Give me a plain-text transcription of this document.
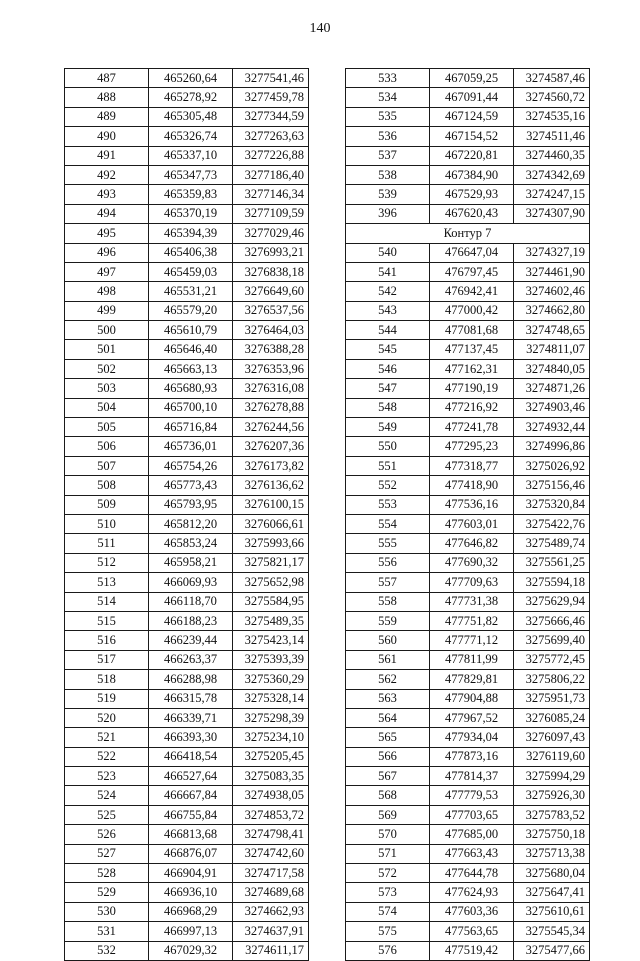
140
487	465260,64	3277541,46
488	465278,92	3277459,78
489	465305,48	3277344,59
490	465326,74	3277263,63
491	465337,10	3277226,88
492	465347,73	3277186,40
493	465359,83	3277146,34
494	465370,19	3277109,59
495	465394,39	3277029,46
496	465406,38	3276993,21
497	465459,03	3276838,18
498	465531,21	3276649,60
499	465579,20	3276537,56
500	465610,79	3276464,03
501	465646,40	3276388,28
502	465663,13	3276353,96
503	465680,93	3276316,08
504	465700,10	3276278,88
505	465716,84	3276244,56
506	465736,01	3276207,36
507	465754,26	3276173,82
508	465773,43	3276136,62
509	465793,95	3276100,15
510	465812,20	3276066,61
511	465853,24	3275993,66
512	465958,21	3275821,17
513	466069,93	3275652,98
514	466118,70	3275584,95
515	466188,23	3275489,35
516	466239,44	3275423,14
517	466263,37	3275393,39
518	466288,98	3275360,29
519	466315,78	3275328,14
520	466339,71	3275298,39
521	466393,30	3275234,10
522	466418,54	3275205,45
523	466527,64	3275083,35
524	466667,84	3274938,05
525	466755,84	3274853,72
526	466813,68	3274798,41
527	466876,07	3274742,60
528	466904,91	3274717,58
529	466936,10	3274689,68
530	466968,29	3274662,93
531	466997,13	3274637,91
532	467029,32	3274611,17
533	467059,25	3274587,46
534	467091,44	3274560,72
535	467124,59	3274535,16
536	467154,52	3274511,46
537	467220,81	3274460,35
538	467384,90	3274342,69
539	467529,93	3274247,15
396	467620,43	3274307,90
Контур 7		
540	476647,04	3274327,19
541	476797,45	3274461,90
542	476942,41	3274602,46
543	477000,42	3274662,80
544	477081,68	3274748,65
545	477137,45	3274811,07
546	477162,31	3274840,05
547	477190,19	3274871,26
548	477216,92	3274903,46
549	477241,78	3274932,44
550	477295,23	3274996,86
551	477318,77	3275026,92
552	477418,90	3275156,46
553	477536,16	3275320,84
554	477603,01	3275422,76
555	477646,82	3275489,74
556	477690,32	3275561,25
557	477709,63	3275594,18
558	477731,38	3275629,94
559	477751,82	3275666,46
560	477771,12	3275699,40
561	477811,99	3275772,45
562	477829,81	3275806,22
563	477904,88	3275951,73
564	477967,52	3276085,24
565	477934,04	3276097,43
566	477873,16	3276119,60
567	477814,37	3275994,29
568	477779,53	3275926,30
569	477703,65	3275783,52
570	477685,00	3275750,18
571	477663,43	3275713,38
572	477644,78	3275680,04
573	477624,93	3275647,41
574	477603,36	3275610,61
575	477563,65	3275545,34
576	477519,42	3275477,66
